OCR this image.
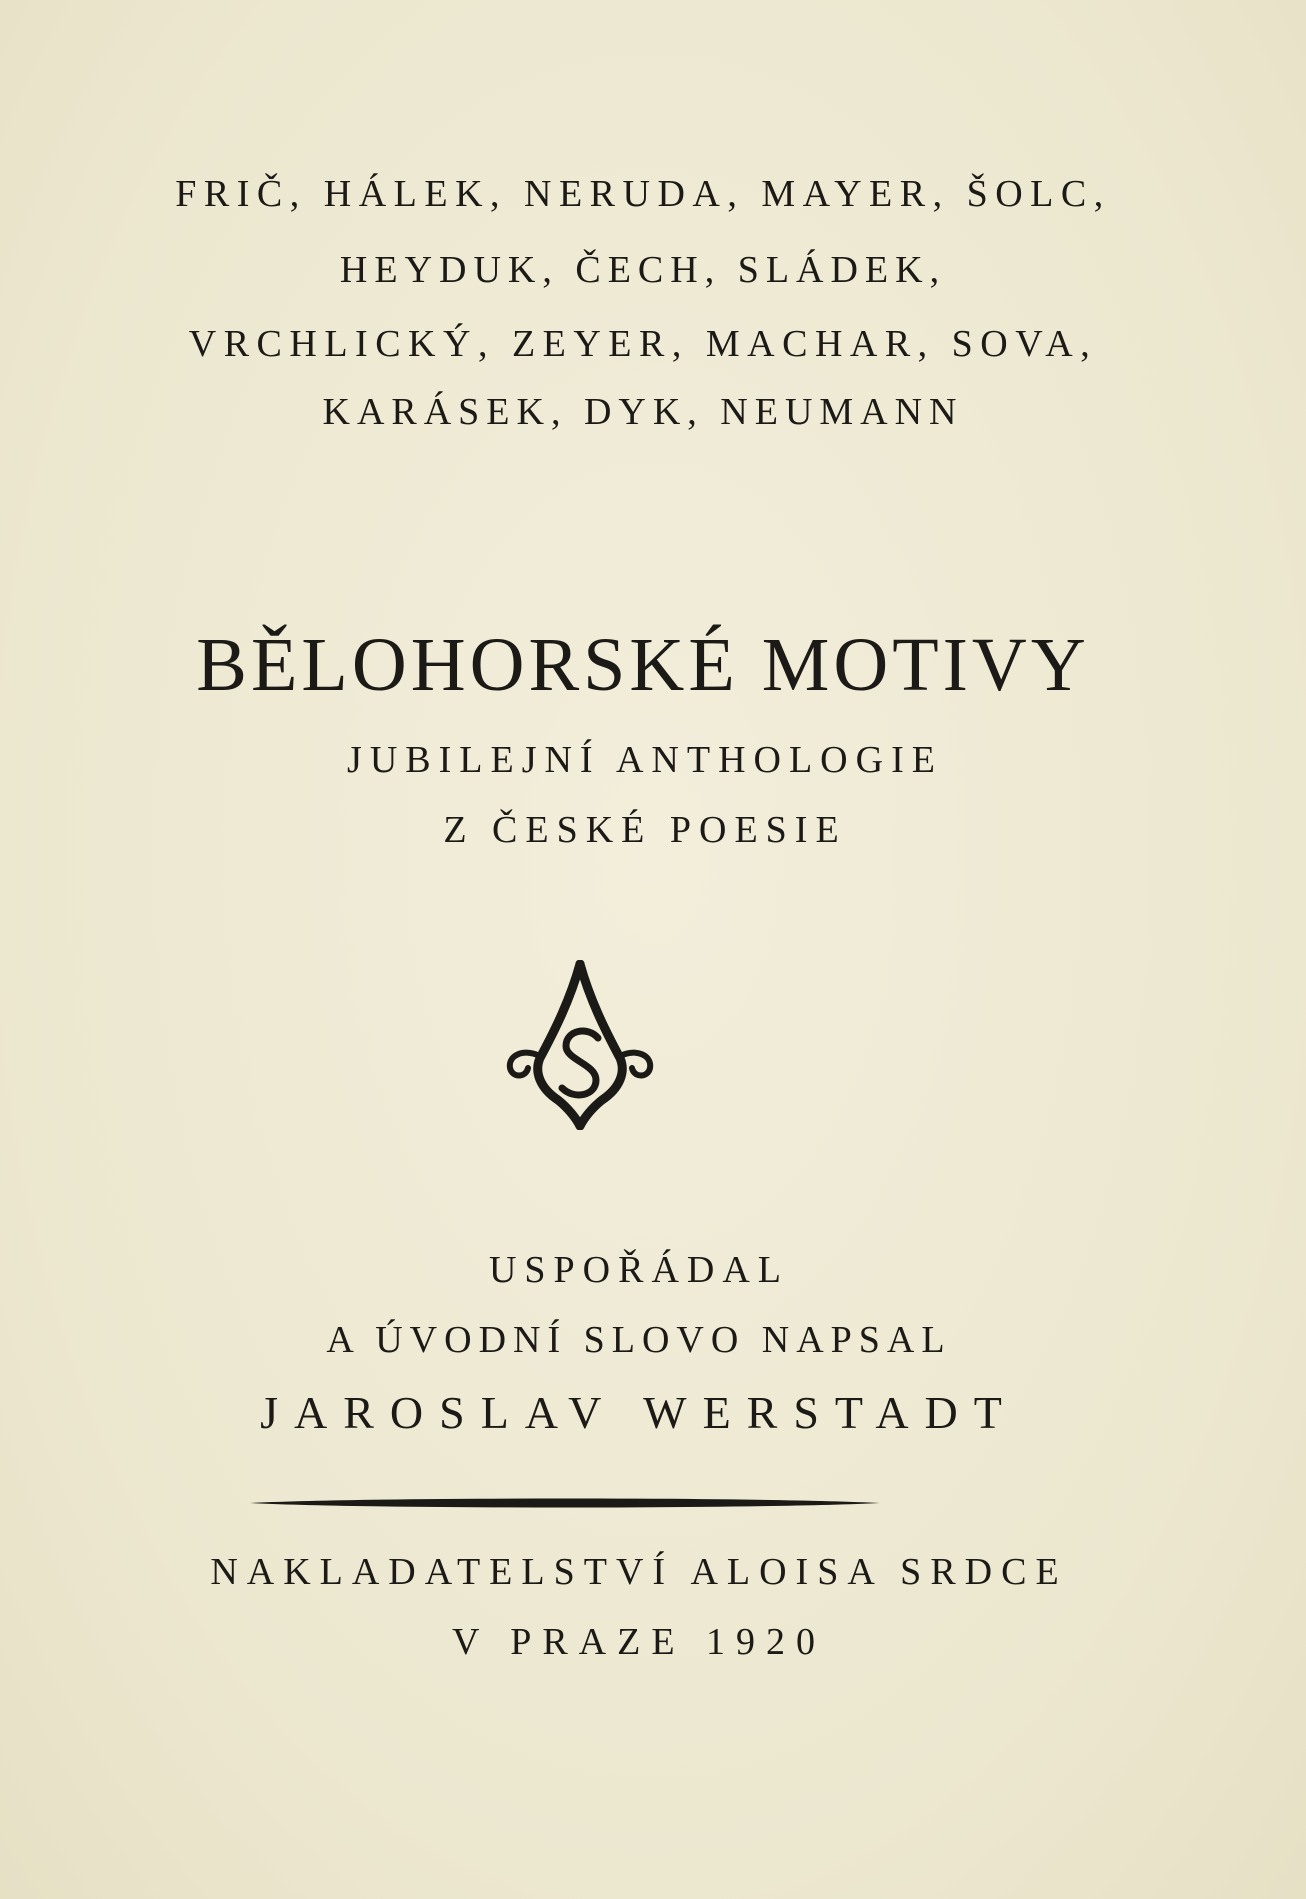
FRIČ, HÁLEK, NERUDA, MAYER, ŠOLC,
HEYDUK, ČECH, SLÁDEK,
VRCHLICKÝ, ZEYER, MACHAR, SOVA,
KARÁSEK, DYK, NEUMANN
BĚLOHORSKÉ MOTIVY
JUBILEJNÍ ANTHOLOGIE
Z ČESKÉ POESIE
USPOŘÁDAL
A ÚVODNÍ SLOVO NAPSAL
JAROSLAV WERSTADT
NAKLADATELSTVÍ ALOISA SRDCE
V PRAZE 1920
